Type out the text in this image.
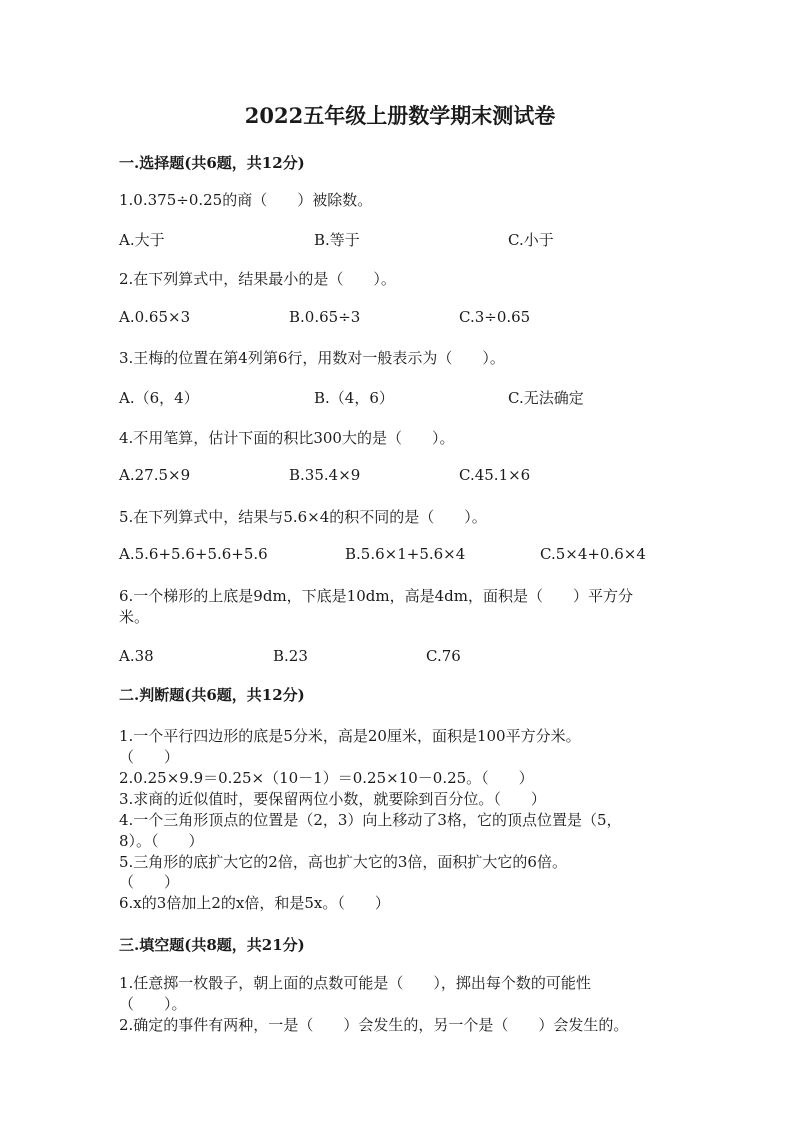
2022五年级上册数学期末测试卷
一.选择题(共6题，共12分)
1.0.375÷0.25的商（　　）被除数。
A.大于	B.等于	C.小于
2.在下列算式中，结果最小的是（　　）。
A.0.65×3	B.0.65÷3	C.3÷0.65
3.王梅的位置在第4列第6行，用数对一般表示为（　　）。
A.（6，4）	B.（4，6）	C.无法确定
4.不用笔算，估计下面的积比300大的是（　　）。
A.27.5×9	B.35.4×9	C.45.1×6
5.在下列算式中，结果与5.6×4的积不同的是（　　）。
A.5.6+5.6+5.6+5.6	B.5.6×1+5.6×4	C.5×4+0.6×4
6.一个梯形的上底是9dm，下底是10dm，高是4dm，面积是（　　）平方分
米。
A.38	B.23	C.76
二.判断题(共6题，共12分)
1.一个平行四边形的底是5分米，高是20厘米，面积是100平方分米。
（　　）
2.0.25×9.9＝0.25×（10－1）＝0.25×10－0.25。（　　）
3.求商的近似值时，要保留两位小数，就要除到百分位。（　　）
4.一个三角形顶点的位置是（2，3）向上移动了3格，它的顶点位置是（5，
8）。（　　）
5.三角形的底扩大它的2倍，高也扩大它的3倍，面积扩大它的6倍。
（　　）
6.x的3倍加上2的x倍，和是5x。（　　）
三.填空题(共8题，共21分)
1.任意掷一枚骰子，朝上面的点数可能是（　　），掷出每个数的可能性
（　　）。
2.确定的事件有两种，一是（　　）会发生的，另一个是（　　）会发生的。
